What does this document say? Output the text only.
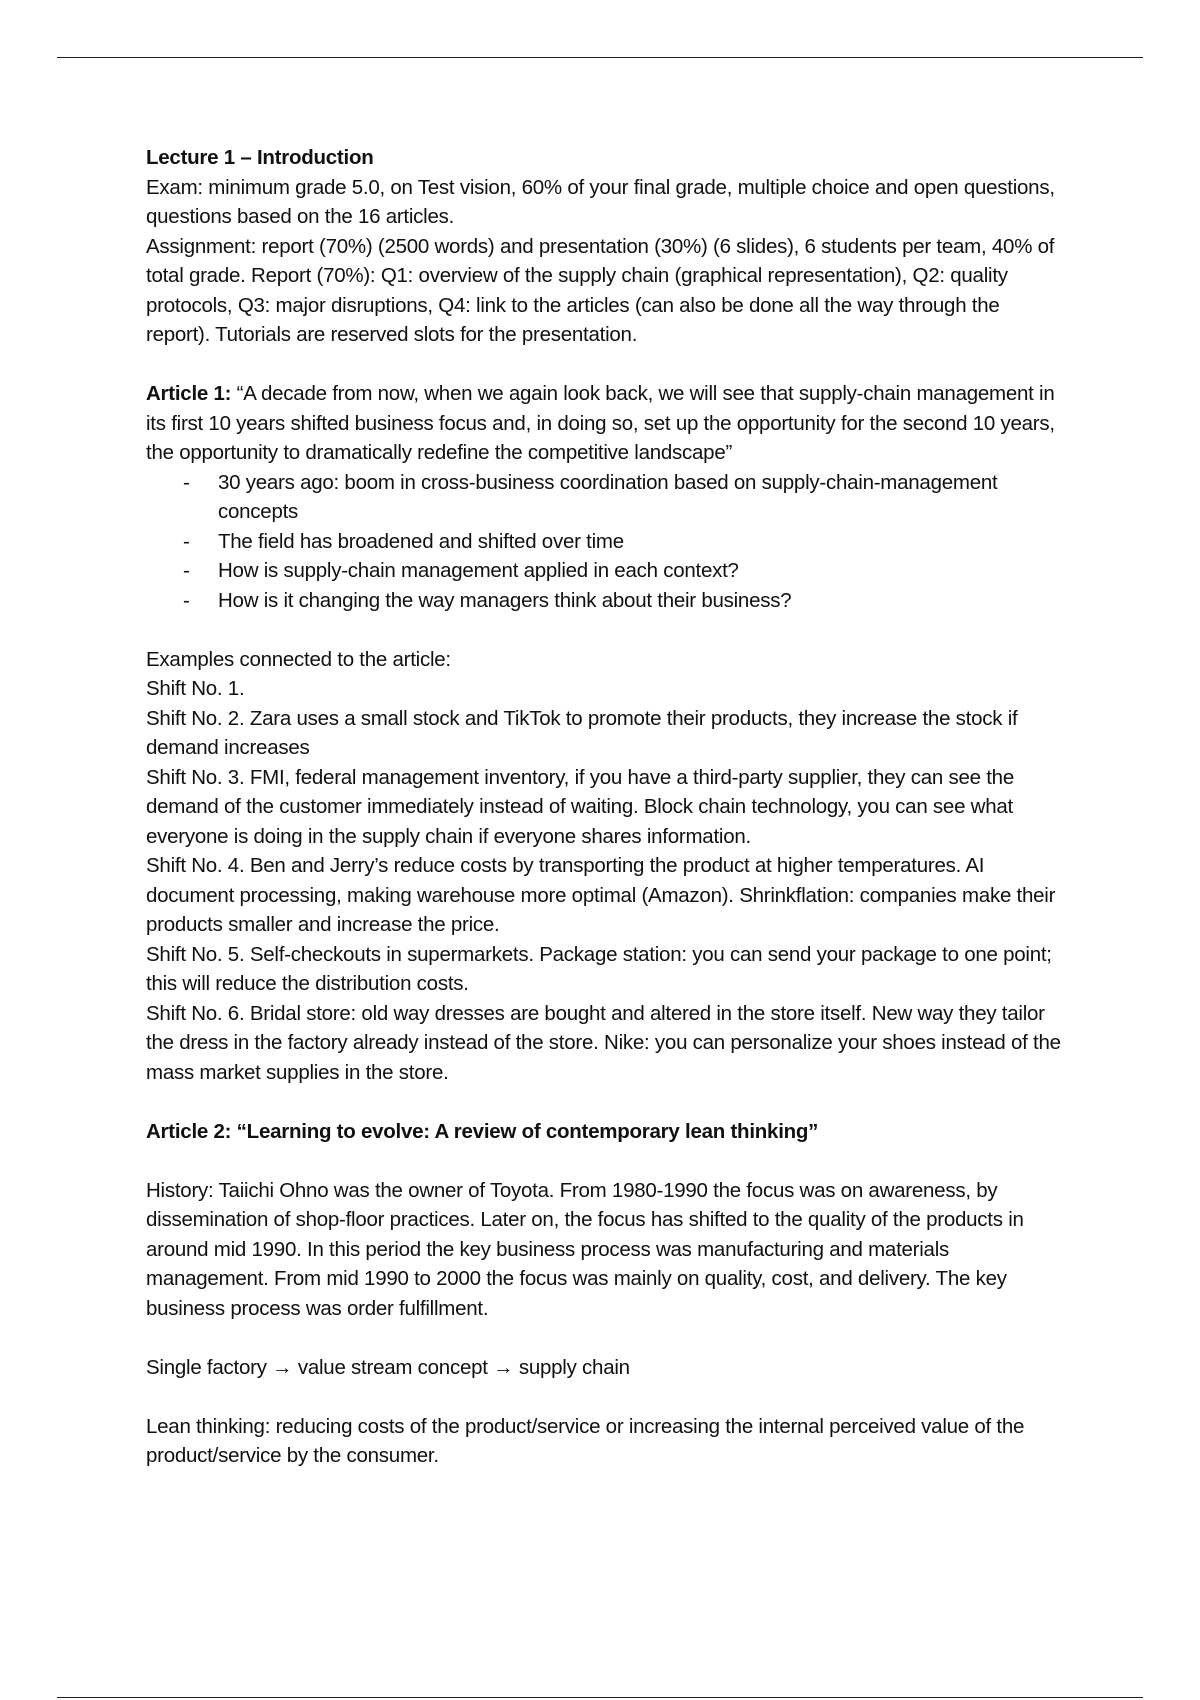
Lecture 1 – Introduction

Exam: minimum grade 5.0, on Test vision, 60% of your final grade, multiple choice and open questions, questions based on the 16 articles.

Assignment: report (70%) (2500 words) and presentation (30%) (6 slides), 6 students per team, 40% of total grade. Report (70%): Q1: overview of the supply chain (graphical representation), Q2: quality protocols, Q3: major disruptions, Q4: link to the articles (can also be done all the way through the report). Tutorials are reserved slots for the presentation.

Article 1: “A decade from now, when we again look back, we will see that supply-chain management in its first 10 years shifted business focus and, in doing so, set up the opportunity for the second 10 years, the opportunity to dramatically redefine the competitive landscape”

- 30 years ago: boom in cross-business coordination based on supply-chain-management concepts
- The field has broadened and shifted over time
- How is supply-chain management applied in each context?
- How is it changing the way managers think about their business?

Examples connected to the article:

Shift No. 1.

Shift No. 2. Zara uses a small stock and TikTok to promote their products, they increase the stock if demand increases

Shift No. 3. FMI, federal management inventory, if you have a third-party supplier, they can see the demand of the customer immediately instead of waiting. Block chain technology, you can see what everyone is doing in the supply chain if everyone shares information.

Shift No. 4. Ben and Jerry’s reduce costs by transporting the product at higher temperatures. AI document processing, making warehouse more optimal (Amazon). Shrinkflation: companies make their products smaller and increase the price.

Shift No. 5. Self-checkouts in supermarkets. Package station: you can send your package to one point; this will reduce the distribution costs.

Shift No. 6. Bridal store: old way dresses are bought and altered in the store itself. New way they tailor the dress in the factory already instead of the store. Nike: you can personalize your shoes instead of the mass market supplies in the store.

Article 2: “Learning to evolve: A review of contemporary lean thinking”

History: Taiichi Ohno was the owner of Toyota. From 1980-1990 the focus was on awareness, by dissemination of shop-floor practices. Later on, the focus has shifted to the quality of the products in around mid 1990. In this period the key business process was manufacturing and materials management. From mid 1990 to 2000 the focus was mainly on quality, cost, and delivery. The key business process was order fulfillment.

Single factory → value stream concept → supply chain

Lean thinking: reducing costs of the product/service or increasing the internal perceived value of the product/service by the consumer.
